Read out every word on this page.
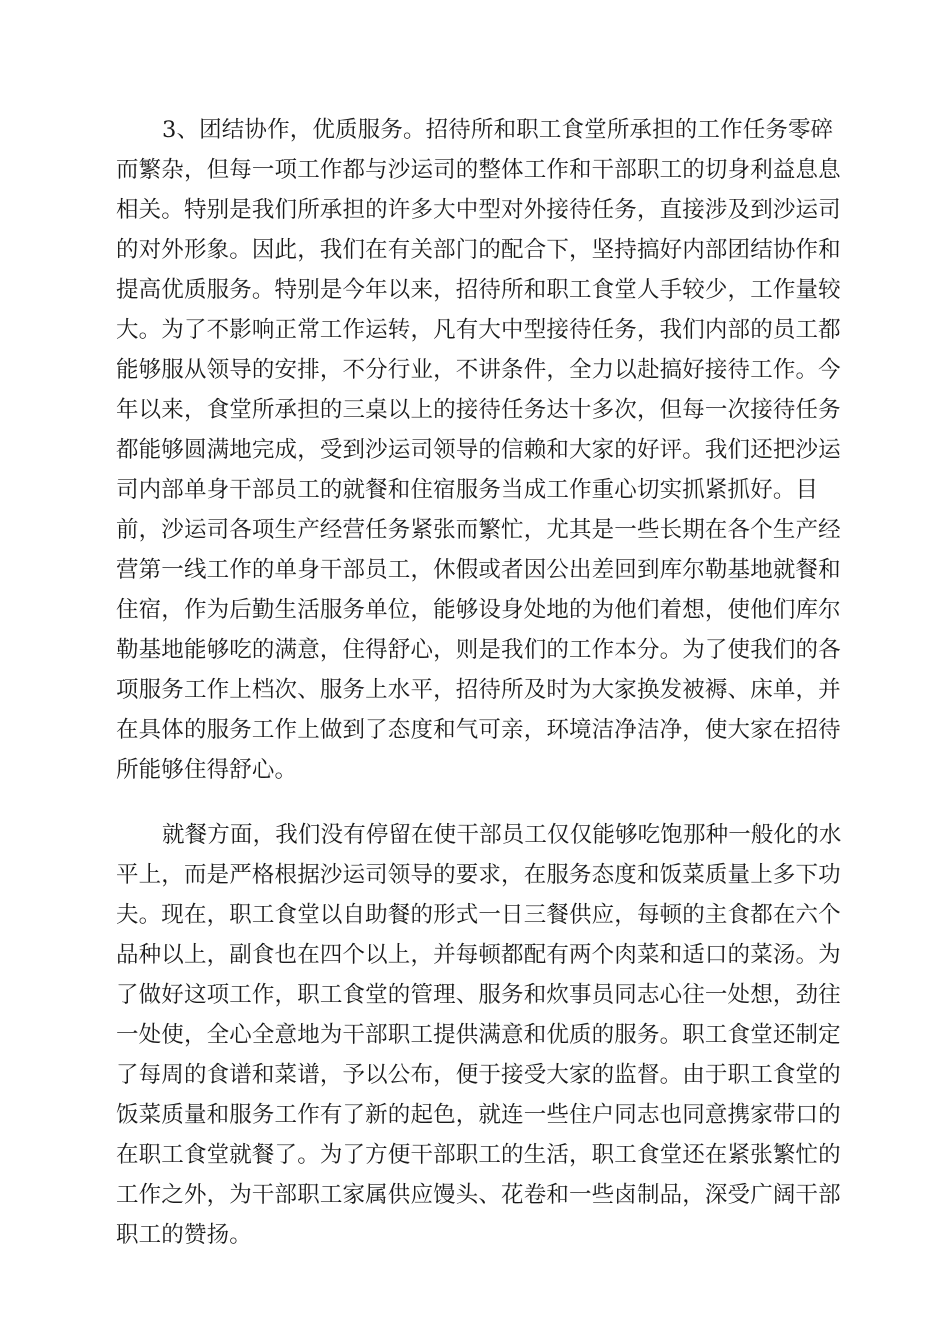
3、团结协作，优质服务。招待所和职工食堂所承担的工作任务零碎
而繁杂，但每一项工作都与沙运司的整体工作和干部职工的切身利益息息
相关。特别是我们所承担的许多大中型对外接待任务，直接涉及到沙运司
的对外形象。因此，我们在有关部门的配合下，坚持搞好内部团结协作和
提高优质服务。特别是今年以来，招待所和职工食堂人手较少，工作量较
大。为了不影响正常工作运转，凡有大中型接待任务，我们内部的员工都
能够服从领导的安排，不分行业，不讲条件，全力以赴搞好接待工作。今
年以来，食堂所承担的三桌以上的接待任务达十多次，但每一次接待任务
都能够圆满地完成，受到沙运司领导的信赖和大家的好评。我们还把沙运
司内部单身干部员工的就餐和住宿服务当成工作重心切实抓紧抓好。目
前，沙运司各项生产经营任务紧张而繁忙，尤其是一些长期在各个生产经
营第一线工作的单身干部员工，休假或者因公出差回到库尔勒基地就餐和
住宿，作为后勤生活服务单位，能够设身处地的为他们着想，使他们库尔
勒基地能够吃的满意，住得舒心，则是我们的工作本分。为了使我们的各
项服务工作上档次、服务上水平，招待所及时为大家换发被褥、床单，并
在具体的服务工作上做到了态度和气可亲，环境洁净洁净，使大家在招待
所能够住得舒心。
就餐方面，我们没有停留在使干部员工仅仅能够吃饱那种一般化的水
平上，而是严格根据沙运司领导的要求，在服务态度和饭菜质量上多下功
夫。现在，职工食堂以自助餐的形式一日三餐供应，每顿的主食都在六个
品种以上，副食也在四个以上，并每顿都配有两个肉菜和适口的菜汤。为
了做好这项工作，职工食堂的管理、服务和炊事员同志心往一处想，劲往
一处使，全心全意地为干部职工提供满意和优质的服务。职工食堂还制定
了每周的食谱和菜谱，予以公布，便于接受大家的监督。由于职工食堂的
饭菜质量和服务工作有了新的起色，就连一些住户同志也同意携家带口的
在职工食堂就餐了。为了方便干部职工的生活，职工食堂还在紧张繁忙的
工作之外，为干部职工家属供应馒头、花卷和一些卤制品，深受广阔干部
职工的赞扬。
